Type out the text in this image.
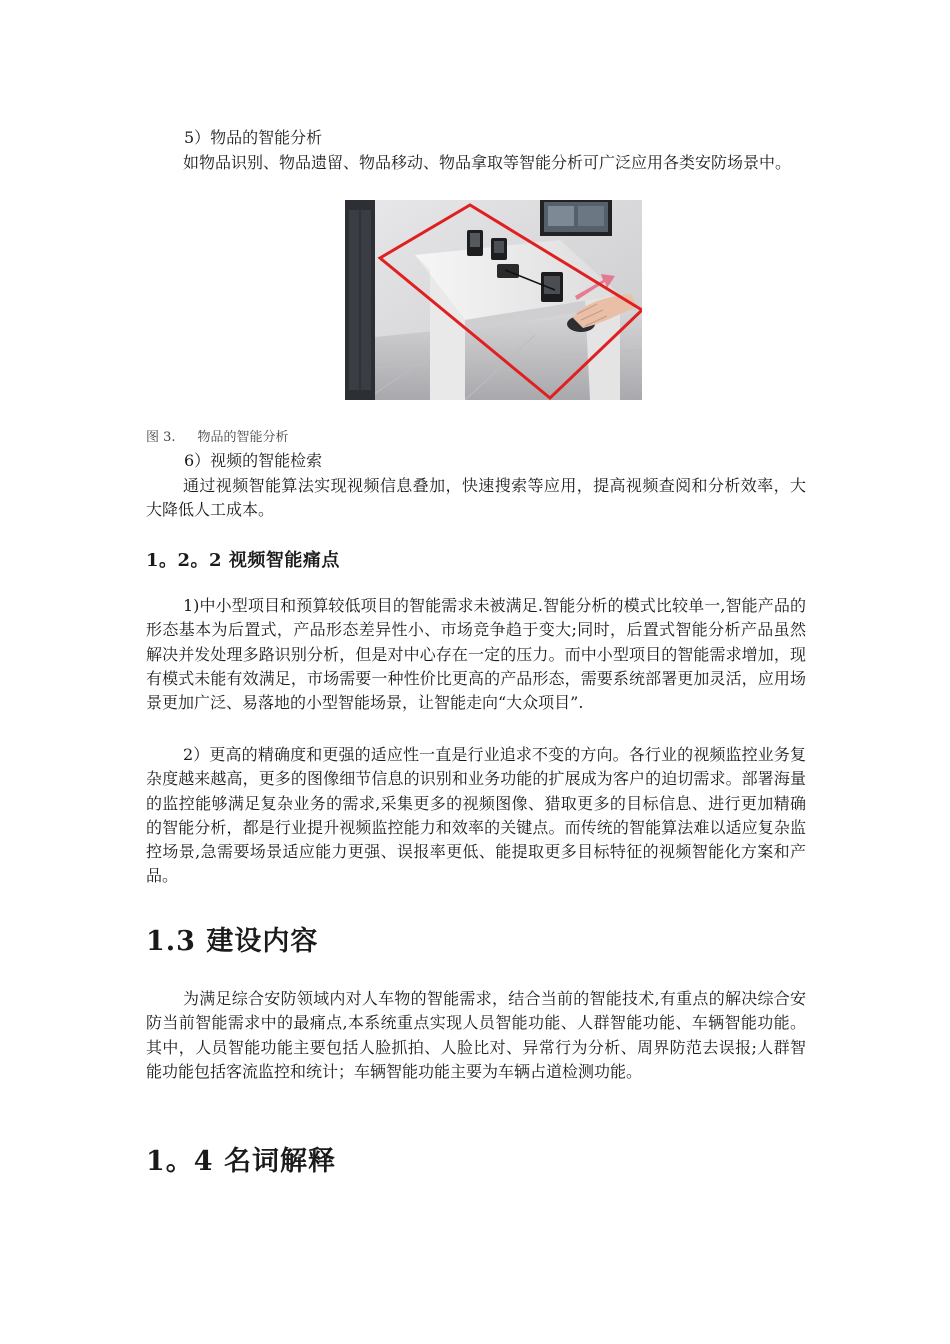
5）物品的智能分析

如物品识别、物品遗留、物品移动、物品拿取等智能分析可广泛应用各类安防场景中。

图 3. 物品的智能分析
6）视频的智能检索

通过视频智能算法实现视频信息叠加，快速搜索等应用，提高视频查阅和分析效率，大大降低人工成本。

1。2。2 视频智能痛点

1)中小型项目和预算较低项目的智能需求未被满足.智能分析的模式比较单一,智能产品的形态基本为后置式，产品形态差异性小、市场竞争趋于变大;同时，后置式智能分析产品虽然解决并发处理多路识别分析，但是对中心存在一定的压力。而中小型项目的智能需求增加，现有模式未能有效满足，市场需要一种性价比更高的产品形态，需要系统部署更加灵活，应用场景更加广泛、易落地的小型智能场景，让智能走向“大众项目”.

2）更高的精确度和更强的适应性一直是行业追求不变的方向。各行业的视频监控业务复杂度越来越高，更多的图像细节信息的识别和业务功能的扩展成为客户的迫切需求。部署海量的监控能够满足复杂业务的需求,采集更多的视频图像、猎取更多的目标信息、进行更加精确的智能分析，都是行业提升视频监控能力和效率的关键点。而传统的智能算法难以适应复杂监控场景,急需要场景适应能力更强、误报率更低、能提取更多目标特征的视频智能化方案和产品。

1.3 建设内容

为满足综合安防领域内对人车物的智能需求，结合当前的智能技术,有重点的解决综合安防当前智能需求中的最痛点,本系统重点实现人员智能功能、人群智能功能、车辆智能功能。其中，人员智能功能主要包括人脸抓拍、人脸比对、异常行为分析、周界防范去误报;人群智能功能包括客流监控和统计；车辆智能功能主要为车辆占道检测功能。

1。4 名词解释
